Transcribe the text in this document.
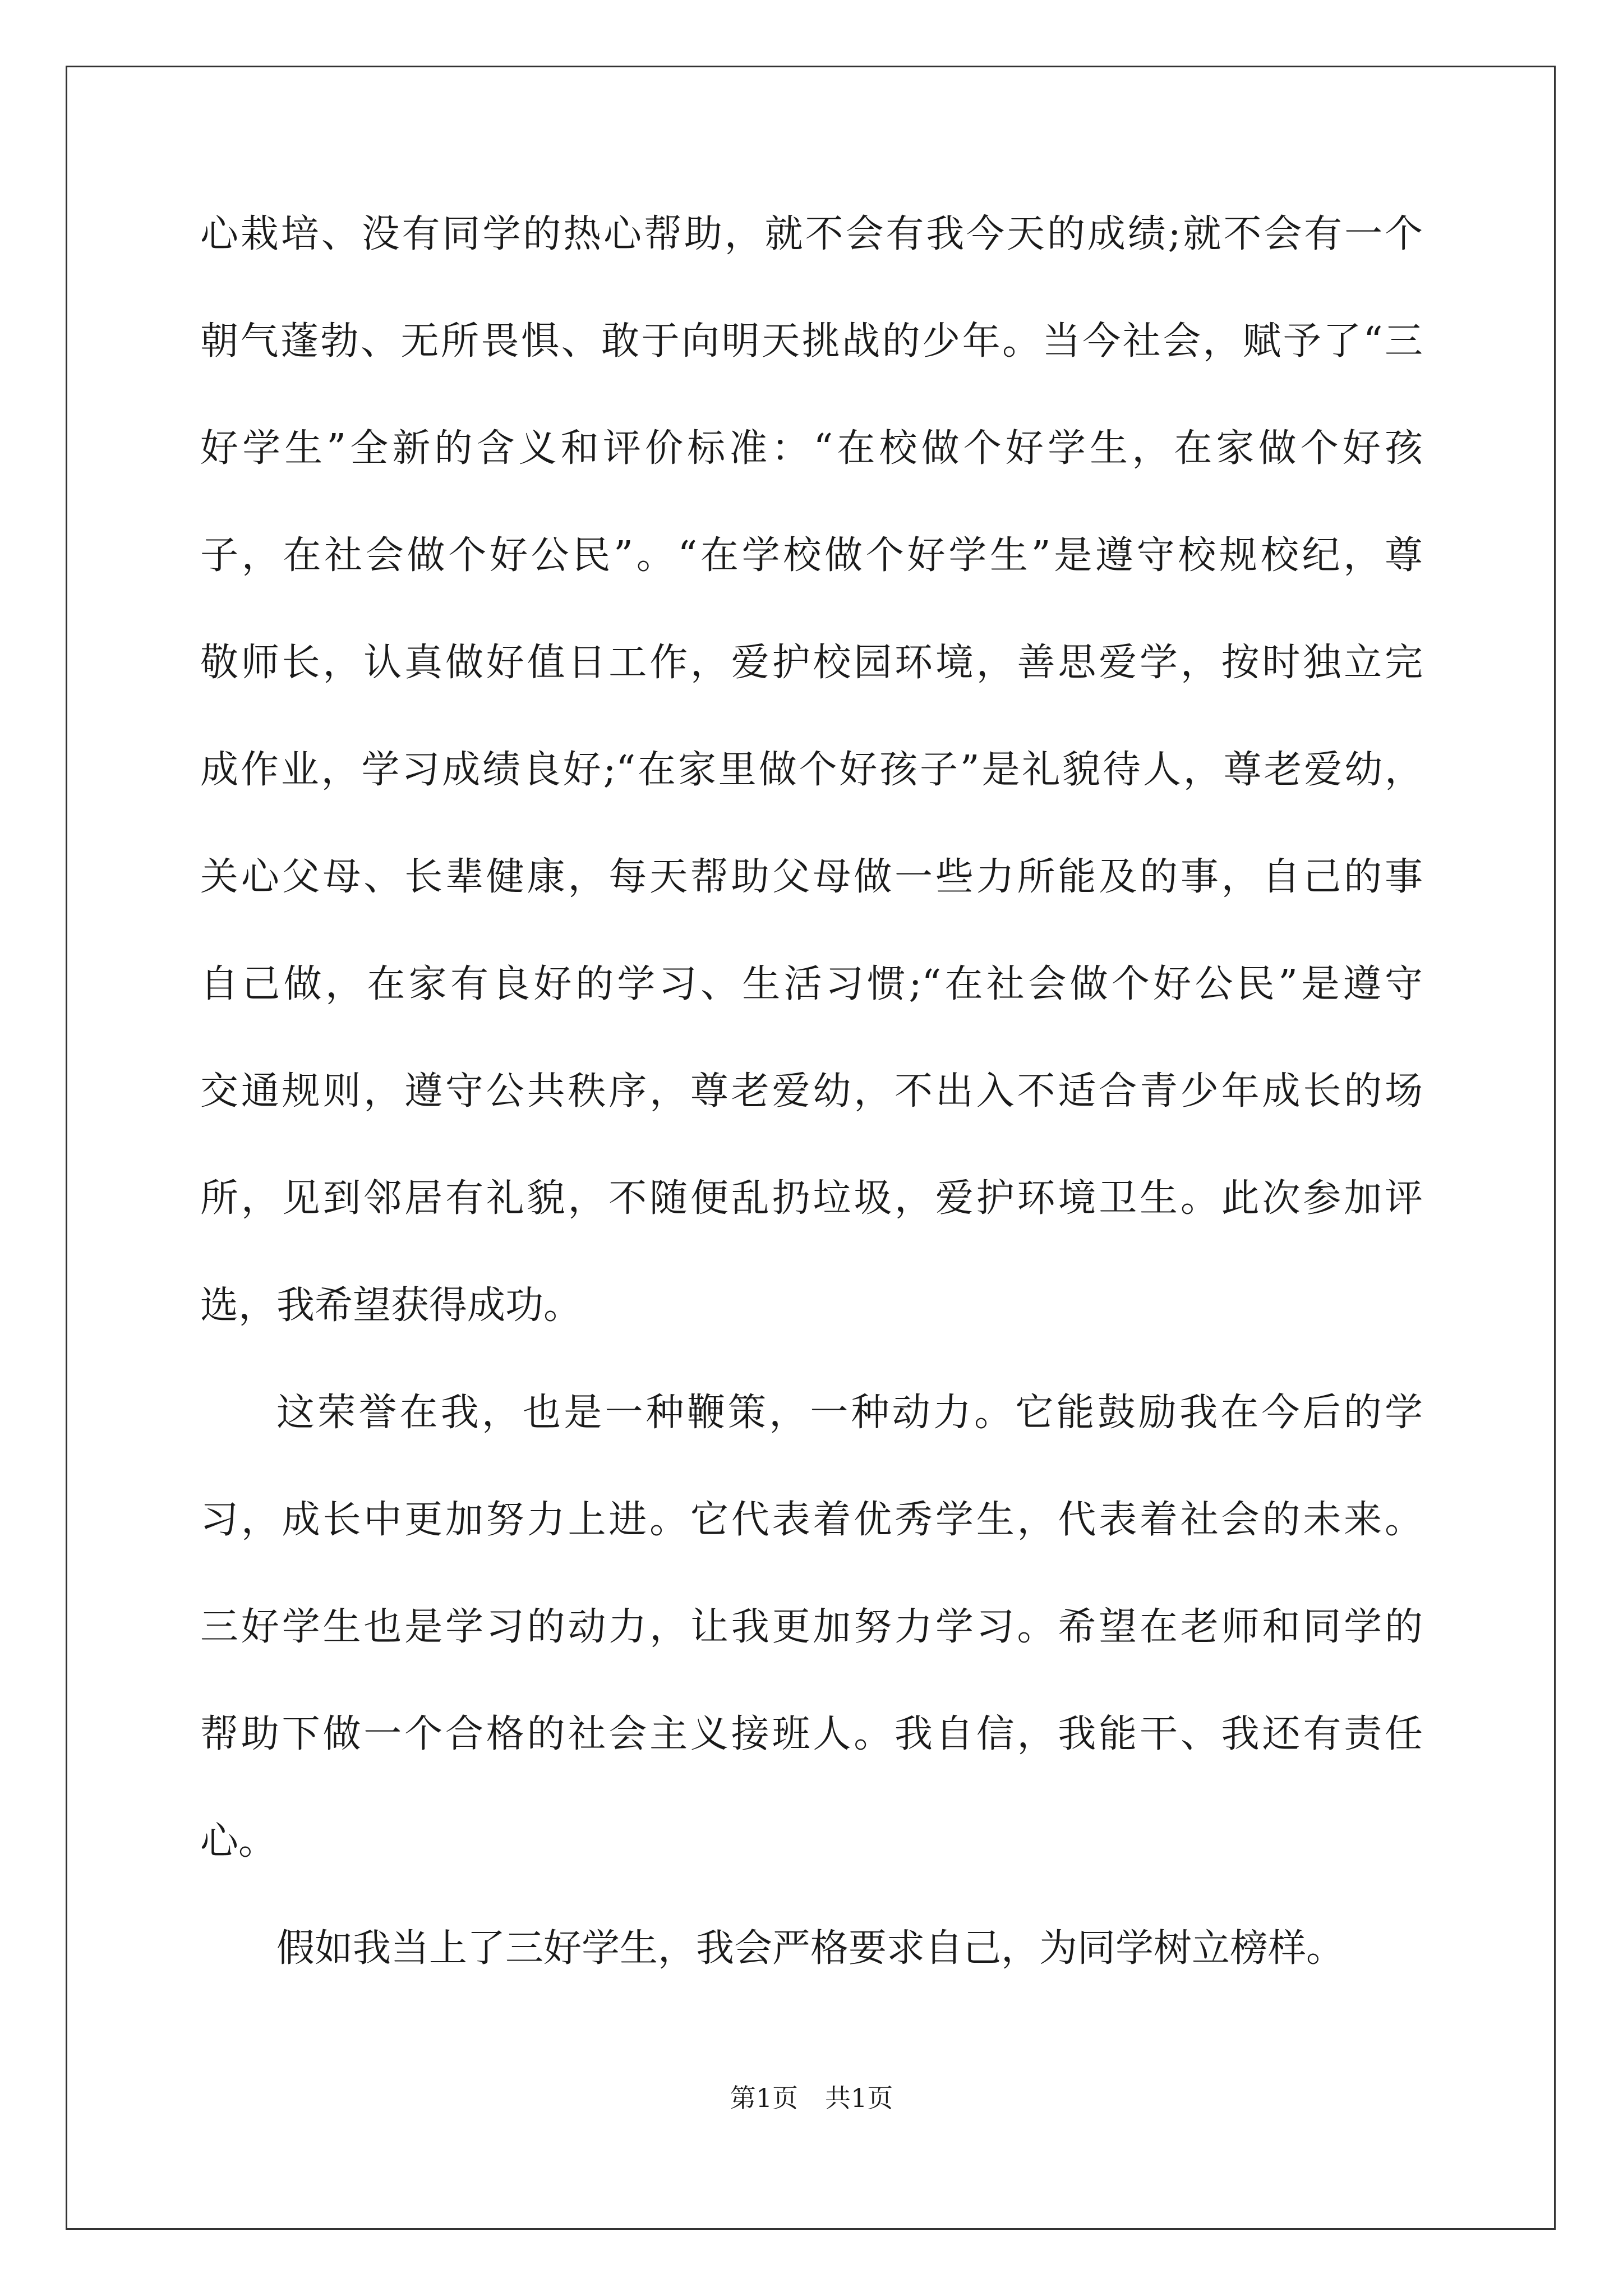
心栽培、没有同学的热心帮助，就不会有我今天的成绩;就不会有一个
朝气蓬勃、无所畏惧、敢于向明天挑战的少年。当今社会，赋予了“三
好学生”全新的含义和评价标准：“在校做个好学生，在家做个好孩
子，在社会做个好公民”。“在学校做个好学生”是遵守校规校纪，尊
敬师长，认真做好值日工作，爱护校园环境，善思爱学，按时独立完
成作业，学习成绩良好;“在家里做个好孩子”是礼貌待人，尊老爱幼，
关心父母、长辈健康，每天帮助父母做一些力所能及的事，自己的事
自己做，在家有良好的学习、生活习惯;“在社会做个好公民”是遵守
交通规则，遵守公共秩序，尊老爱幼，不出入不适合青少年成长的场
所，见到邻居有礼貌，不随便乱扔垃圾，爱护环境卫生。此次参加评
选，我希望获得成功。
这荣誉在我，也是一种鞭策，一种动力。它能鼓励我在今后的学
习，成长中更加努力上进。它代表着优秀学生，代表着社会的未来。
三好学生也是学习的动力，让我更加努力学习。希望在老师和同学的
帮助下做一个合格的社会主义接班人。我自信，我能干、我还有责任
心。
假如我当上了三好学生，我会严格要求自己，为同学树立榜样。
第1页 共1页
